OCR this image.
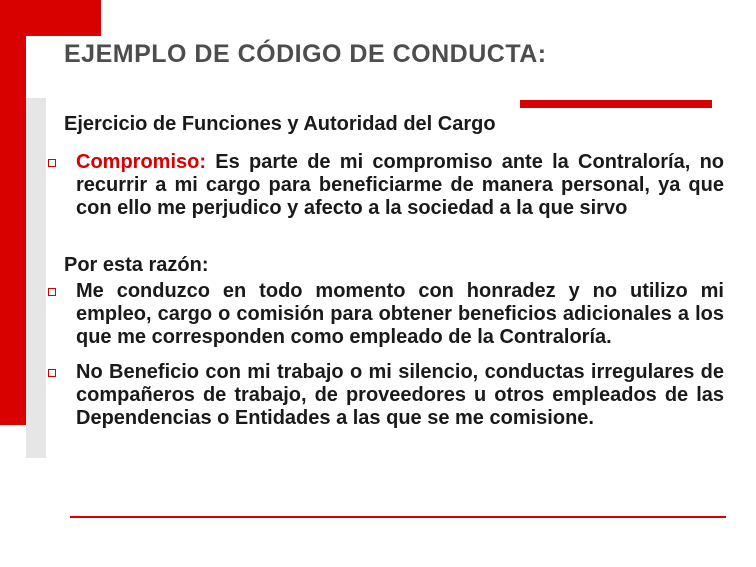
EJEMPLO DE CÓDIGO DE CONDUCTA:

Ejercicio de Funciones y Autoridad del Cargo

Compromiso: Es parte de mi compromiso ante la Contraloría, no recurrir a mi cargo para beneficiarme de manera personal, ya que con ello me perjudico y afecto a la sociedad a la que sirvo

Por esta razón:

Me conduzco en todo momento con honradez y no utilizo mi empleo, cargo o comisión para obtener beneficios adicionales a los que me corresponden como empleado de la Contraloría.

No Beneficio con mi trabajo o mi silencio, conductas irregulares de compañeros de trabajo, de proveedores u otros empleados de las Dependencias o Entidades a las que se me comisione.
